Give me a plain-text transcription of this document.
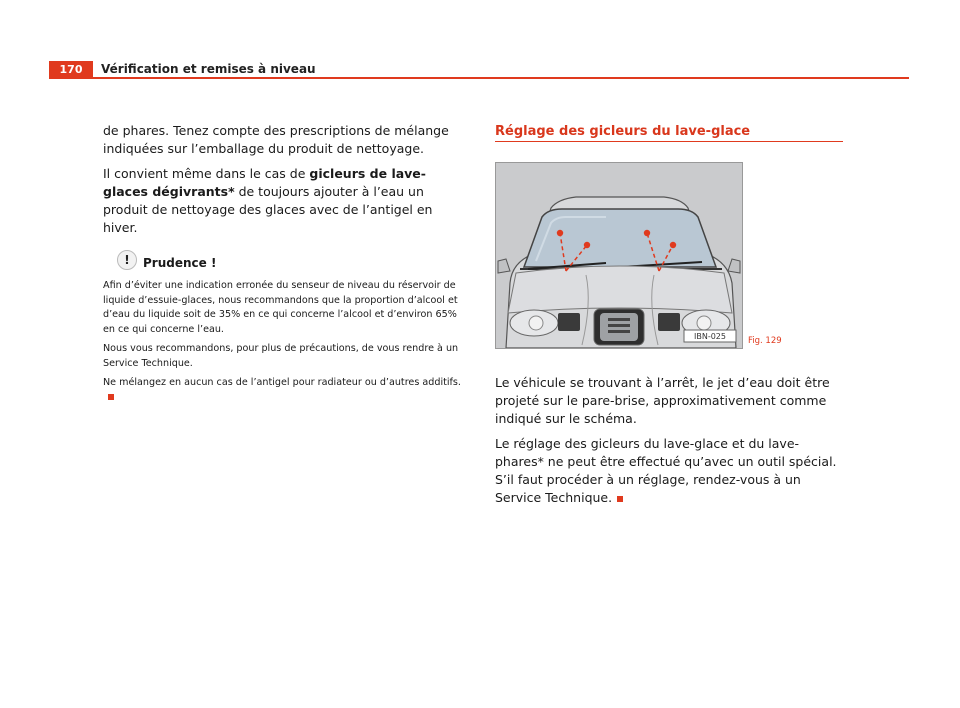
170	Vérification et remises à niveau

de phares. Tenez compte des prescriptions de mélange indiquées sur l’emballage du produit de nettoyage.

Il convient même dans le cas de gicleurs de lave-glaces dégivrants* de toujours ajouter à l’eau un produit de nettoyage des glaces avec de l’antigel en hiver.

!	Prudence !

Afin d’éviter une indication erronée du senseur de niveau du réservoir de liquide d’essuie-glaces, nous recommandons que la proportion d’alcool et d’eau du liquide soit de 35% en ce qui concerne l’alcool et d’environ 65% en ce qui concerne l’eau.

Nous vous recommandons, pour plus de précautions, de vous rendre à un Service Technique.

Ne mélangez en aucun cas de l’antigel pour radiateur ou d’autres additifs.

Réglage des gicleurs du lave-glace
IBN-025	Fig. 129

Le véhicule se trouvant à l’arrêt, le jet d’eau doit être projeté sur le pare-brise, approximativement comme indiqué sur le schéma.

Le réglage des gicleurs du lave-glace et du lave-phares* ne peut être effectué qu’avec un outil spécial. S’il faut procéder à un réglage, rendez-vous à un Service Technique.
